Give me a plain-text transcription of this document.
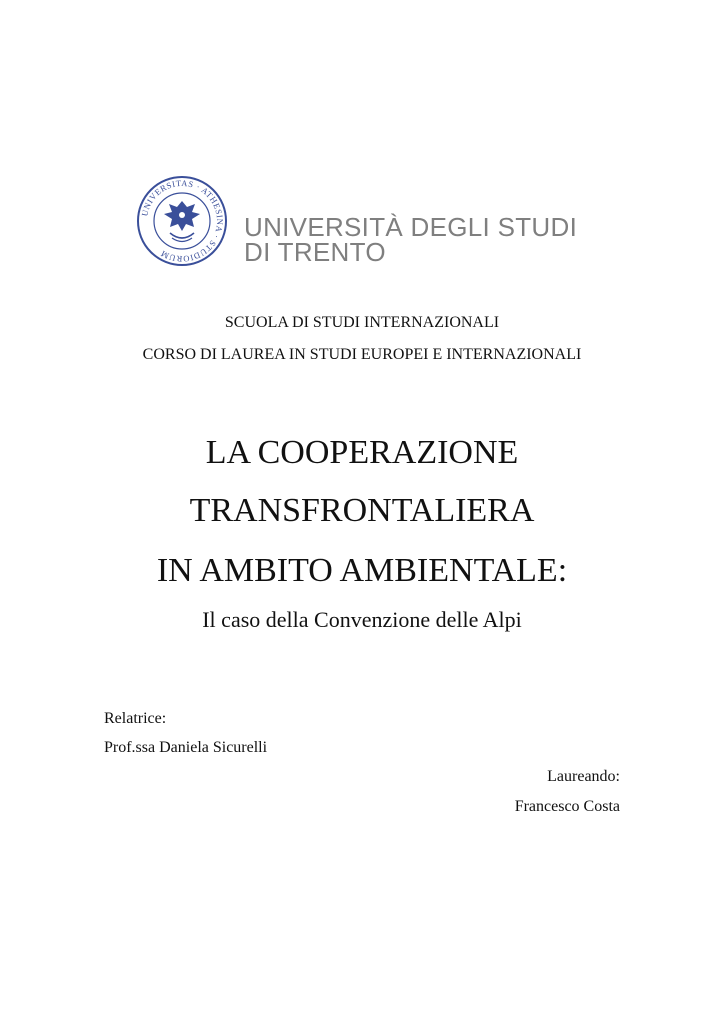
UNIVERSITAS · ATHESINA · STUDIORUM
UNIVERSITÀ DEGLI STUDI
DI TRENTO
SCUOLA DI STUDI INTERNAZIONALI
CORSO DI LAUREA IN STUDI EUROPEI E INTERNAZIONALI
LA COOPERAZIONE
TRANSFRONTALIERA
IN AMBITO AMBIENTALE:
Il caso della Convenzione delle Alpi
Relatrice:
Prof.ssa Daniela Sicurelli
Laureando:
Francesco Costa
